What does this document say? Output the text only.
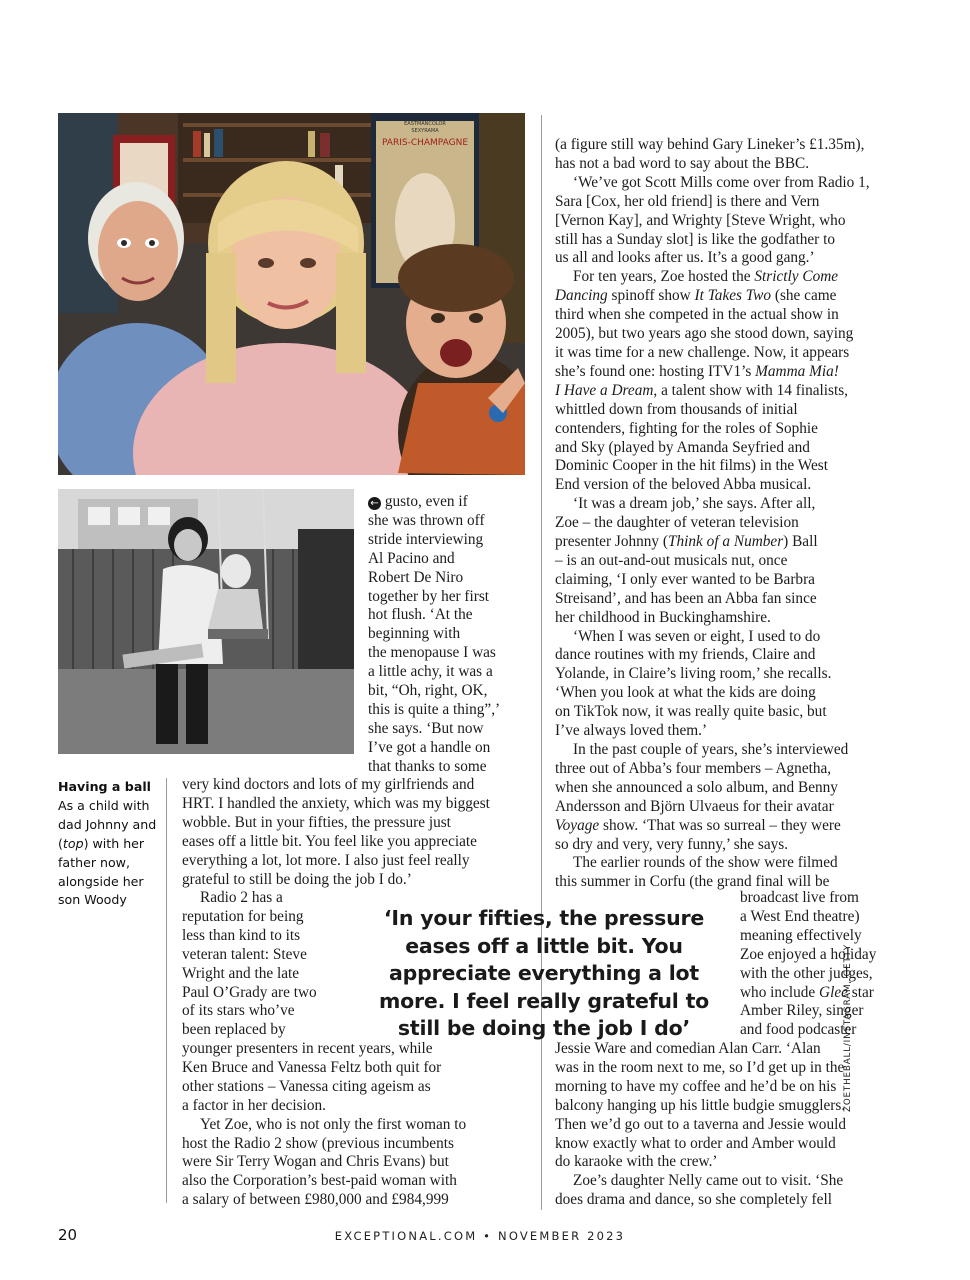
PARIS-CHAMPAGNE
EASTMANCOLOR
SEXYRAMA
Having a ball
As a child with dad Johnny and (top) with her father now, alongside her son Woody

← gusto, even if

she was thrown off

stride interviewing

Al Pacino and

Robert De Niro

together by her first

hot flush. ‘At the

beginning with

the menopause I was

a little achy, it was a

bit, “Oh, right, OK,

this is quite a thing”,’

she says. ‘But now

I’ve got a handle on

that thanks to some

very kind doctors and lots of my girlfriends and

HRT. I handled the anxiety, which was my biggest

wobble. But in your fifties, the pressure just

eases off a little bit. You feel like you appreciate

everything a lot, lot more. I also just feel really

grateful to still be doing the job I do.’

Radio 2 has a

reputation for being

less than kind to its

veteran talent: Steve

Wright and the late

Paul O’Grady are two

of its stars who’ve

been replaced by

younger presenters in recent years, while

Ken Bruce and Vanessa Feltz both quit for

other stations – Vanessa citing ageism as

a factor in her decision.

Yet Zoe, who is not only the first woman to

host the Radio 2 show (previous incumbents

were Sir Terry Wogan and Chris Evans) but

also the Corporation’s best-paid woman with

a salary of between £980,000 and £984,999

‘In your fifties, the pressure eases off a little bit. You appreciate everything a lot more. I feel really grateful to still be doing the job I do’

(a figure still way behind Gary Lineker’s £1.35m),

has not a bad word to say about the BBC.

‘We’ve got Scott Mills come over from Radio 1,

Sara [Cox, her old friend] is there and Vern

[Vernon Kay], and Wrighty [Steve Wright, who

still has a Sunday slot] is like the godfather to

us all and looks after us. It’s a good gang.’

For ten years, Zoe hosted the Strictly Come

Dancing spinoff show It Takes Two (she came

third when she competed in the actual show in

2005), but two years ago she stood down, saying

it was time for a new challenge. Now, it appears

she’s found one: hosting ITV1’s Mamma Mia!

I Have a Dream, a talent show with 14 finalists,

whittled down from thousands of initial

contenders, fighting for the roles of Sophie

and Sky (played by Amanda Seyfried and

Dominic Cooper in the hit films) in the West

End version of the beloved Abba musical.

‘It was a dream job,’ she says. After all,

Zoe – the daughter of veteran television

presenter Johnny (Think of a Number) Ball

– is an out-and-out musicals nut, once

claiming, ‘I only ever wanted to be Barbra

Streisand’, and has been an Abba fan since

her childhood in Buckinghamshire.

‘When I was seven or eight, I used to do

dance routines with my friends, Claire and

Yolande, in Claire’s living room,’ she recalls.

‘When you look at what the kids are doing

on TikTok now, it was really quite basic, but

I’ve always loved them.’

In the past couple of years, she’s interviewed

three out of Abba’s four members – Agnetha,

when she announced a solo album, and Benny

Andersson and Björn Ulvaeus for their avatar

Voyage show. ‘That was so surreal – they were

so dry and very, very funny,’ she says.

The earlier rounds of the show were filmed

this summer in Corfu (the grand final will be

broadcast live from

a West End theatre)

meaning effectively

Zoe enjoyed a holiday

with the other judges,

who include Glee star

Amber Riley, singer

and food podcaster

Jessie Ware and comedian Alan Carr. ‘Alan

was in the room next to me, so I’d get up in the

morning to have my coffee and he’d be on his

balcony hanging up his little budgie smugglers.

Then we’d go out to a taverna and Jessie would

know exactly what to order and Amber would

do karaoke with the crew.’

Zoe’s daughter Nelly came out to visit. ‘She

does drama and dance, so she completely fell

ZOETHEBALL/INSTAGRAM, GETTY
20	EXCEPTIONAL.COM • NOVEMBER 2023
